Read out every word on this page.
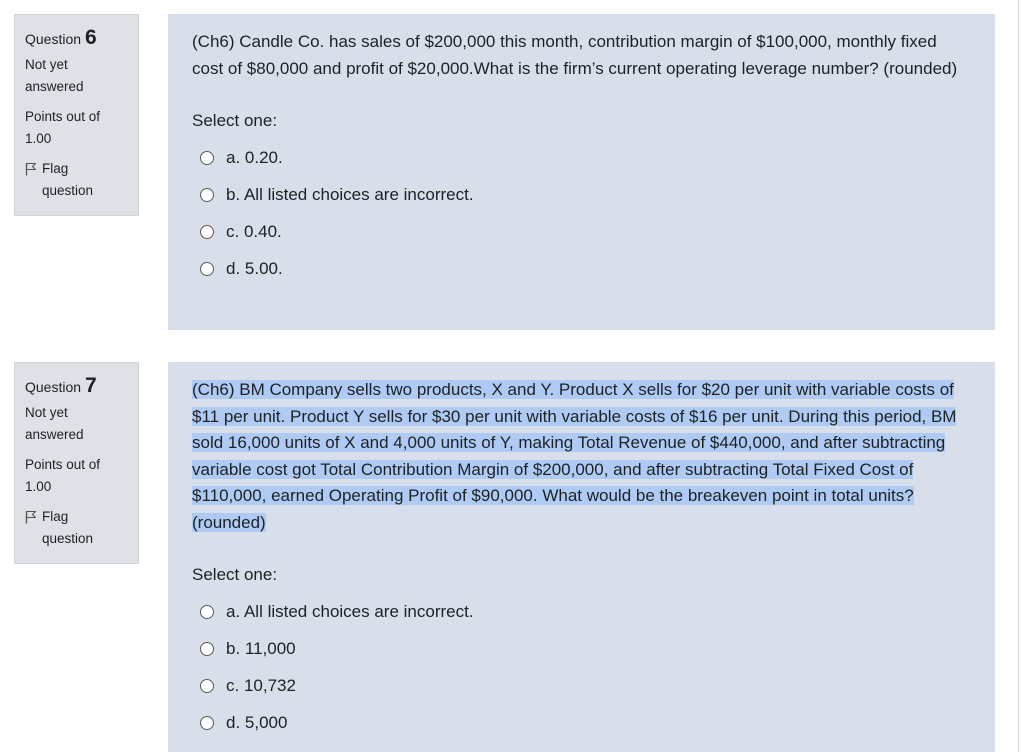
Question 6
Not yet answered
Points out of 1.00
Flag question
(Ch6) Candle Co. has sales of $200,000 this month, contribution margin of $100,000, monthly fixed cost of $80,000 and profit of $20,000.What is the firm’s current operating leverage number? (rounded)
Select one:
a. 0.20.
b. All listed choices are incorrect.
c. 0.40.
d. 5.00.
Question 7
Not yet answered
Points out of 1.00
Flag question
(Ch6) BM Company sells two products, X and Y. Product X sells for $20 per unit with variable costs of $11 per unit. Product Y sells for $30 per unit with variable costs of $16 per unit. During this period, BM sold 16,000 units of X and 4,000 units of Y, making Total Revenue of $440,000, and after subtracting variable cost got Total Contribution Margin of $200,000, and after subtracting Total Fixed Cost of $110,000, earned Operating Profit of $90,000. What would be the breakeven point in total units? (rounded)
Select one:
a. All listed choices are incorrect.
b. 11,000
c. 10,732
d. 5,000
